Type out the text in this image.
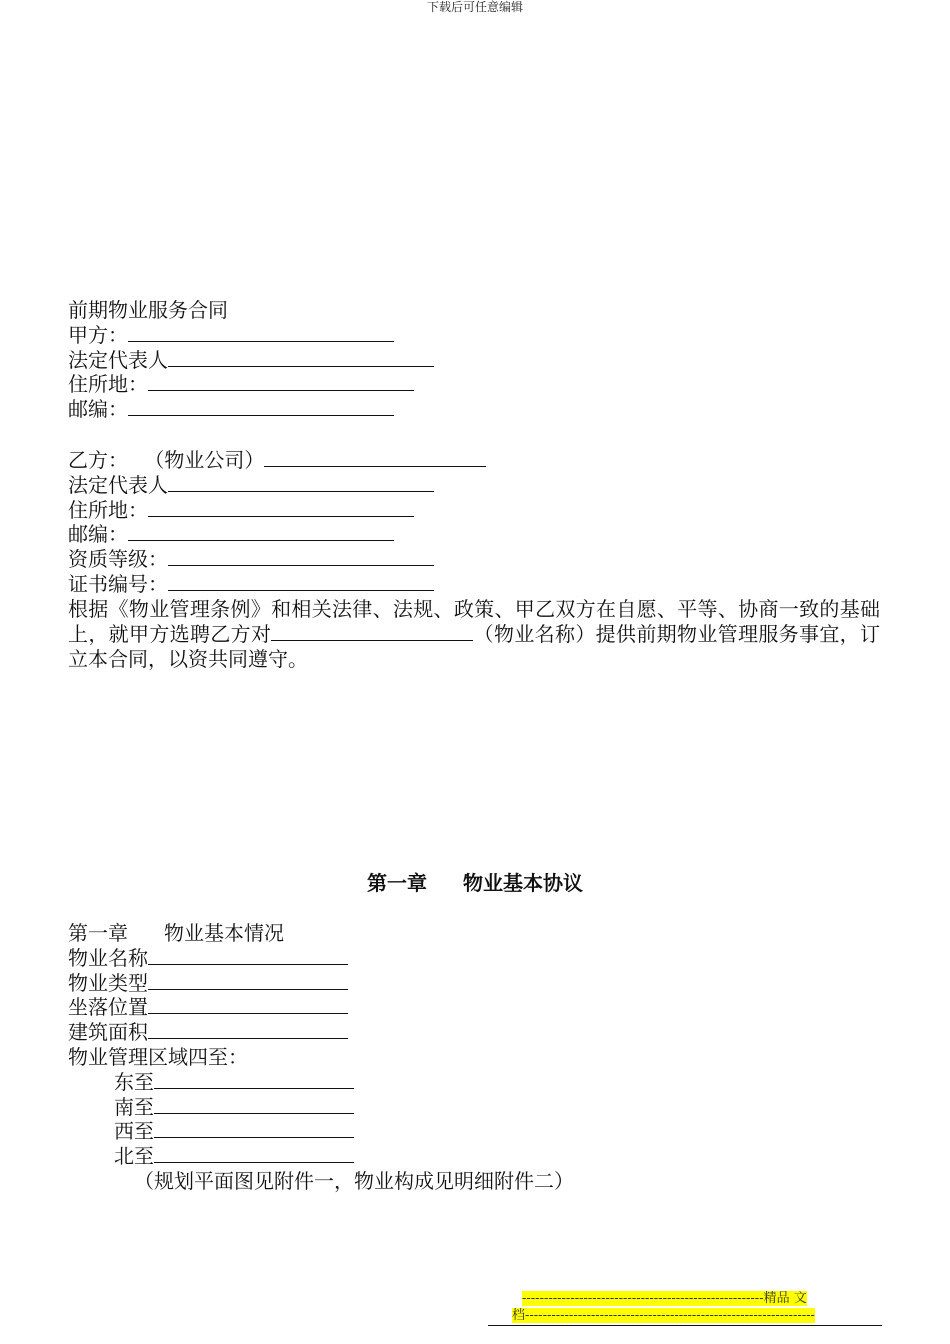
下载后可任意编辑
前期物业服务合同
甲方：
法定代表人
住所地：
邮编：
乙方： （物业公司）
法定代表人
住所地：
邮编：
资质等级：
证书编号：
根据《物业管理条例》和相关法律、法规、政策、甲乙双方在自愿、平等、协商一致的基础上，就甲方选聘乙方对	（物业名称）提供前期物业管理服务事宜，订立本合同，以资共同遵守。
第一章 物业基本协议
第一章 物业基本情况
物业名称
物业类型
坐落位置
建筑面积
物业管理区域四至：
东至
南至
西至
北至
（规划平面图见附件一，物业构成见明细附件二）
-------------------------------------------------------精品 文
档------------------------------------------------------------------
